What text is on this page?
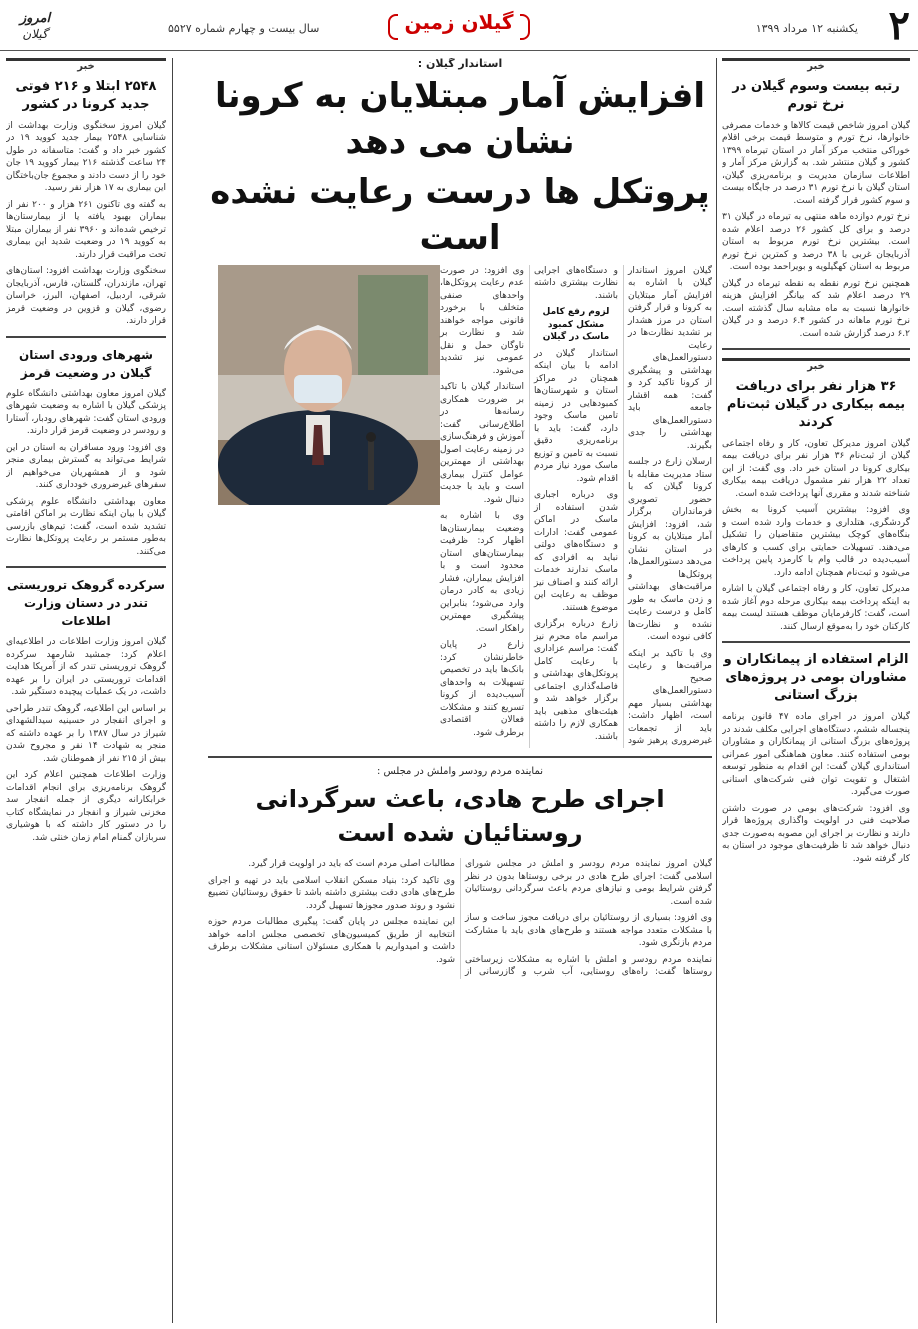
۲
یکشنبه ۱۲ مرداد ۱۳۹۹
گیلان زمین
سال بیست و چهارم شماره ۵۵۲۷
امروز
گیلان
خبر
رتبه بیست وسوم گیلان در نرخ تورم

گیلان امروز شاخص قیمت کالاها و خدمات مصرفی خانوارها، نرخ تورم و متوسط قیمت برخی اقلام خوراکی منتخب مرکز آمار در استان تیرماه ۱۳۹۹ کشور و گیلان منتشر شد. به گزارش مرکز آمار و اطلاعات سازمان مدیریت و برنامه‌ریزی گیلان، استان گیلان با نرخ تورم ۳۱ درصد در جایگاه بیست و سوم کشور قرار گرفته است.

نرخ تورم دوازده ماهه منتهی به تیرماه در گیلان ۳۱ درصد و برای کل کشور ۲۶ درصد اعلام شده است. بیشترین نرخ تورم مربوط به استان آذربایجان غربی با ۳۸ درصد و کمترین نرخ تورم مربوط به استان کهگیلویه و بویراحمد بوده است.

همچنین نرخ تورم نقطه به نقطه تیرماه در گیلان ۲۹ درصد اعلام شد که بیانگر افزایش هزینه خانوارها نسبت به ماه مشابه سال گذشته است. نرخ تورم ماهانه در کشور ۶.۴ درصد و در گیلان ۶.۲ درصد گزارش شده است.

خبر
۳۶ هزار نفر برای دریافت بیمه بیکاری در گیلان ثبت‌نام کردند

گیلان امروز مدیرکل تعاون، کار و رفاه اجتماعی گیلان از ثبت‌نام ۳۶ هزار نفر برای دریافت بیمه بیکاری کرونا در استان خبر داد. وی گفت: از این تعداد ۲۲ هزار نفر مشمول دریافت بیمه بیکاری شناخته شدند و مقرری آنها پرداخت شده است.

وی افزود: بیشترین آسیب کرونا به بخش گردشگری، هتلداری و خدمات وارد شده است و بنگاه‌های کوچک بیشترین متقاضیان را تشکیل می‌دهند. تسهیلات حمایتی برای کسب و کارهای آسیب‌دیده در قالب وام با کارمزد پایین پرداخت می‌شود و ثبت‌نام همچنان ادامه دارد.

مدیرکل تعاون، کار و رفاه اجتماعی گیلان با اشاره به اینکه پرداخت بیمه بیکاری مرحله دوم آغاز شده است، گفت: کارفرمایان موظف هستند لیست بیمه کارکنان خود را به‌موقع ارسال کنند.

الزام استفاده از پیمانکاران و مشاوران بومی در پروژه‌های بزرگ استانی

گیلان امروز در اجرای ماده ۴۷ قانون برنامه پنجساله ششم، دستگاه‌های اجرایی مکلف شدند در پروژه‌های بزرگ استانی از پیمانکاران و مشاوران بومی استفاده کنند. معاون هماهنگی امور عمرانی استانداری گیلان گفت: این اقدام به منظور توسعه اشتغال و تقویت توان فنی شرکت‌های استانی صورت می‌گیرد.

وی افزود: شرکت‌های بومی در صورت داشتن صلاحیت فنی در اولویت واگذاری پروژه‌ها قرار دارند و نظارت بر اجرای این مصوبه به‌صورت جدی دنبال خواهد شد تا ظرفیت‌های موجود در استان به کار گرفته شود.

استاندار گیلان :
افزایش آمار مبتلایان به کرونا نشان می دهد
پروتکل ها درست رعایت نشده است

گیلان امروز استاندار گیلان با اشاره به افزایش آمار مبتلایان به کرونا و قرار گرفتن استان در مرز هشدار بر تشدید نظارت‌ها در رعایت دستورالعمل‌های بهداشتی و پیشگیری از کرونا تاکید کرد و گفت: همه اقشار جامعه باید دستورالعمل‌های بهداشتی را جدی بگیرند.

ارسلان زارع در جلسه ستاد مدیریت مقابله با کرونا گیلان که با حضور تصویری فرمانداران برگزار شد، افزود: افزایش آمار مبتلایان به کرونا در استان نشان می‌دهد دستورالعمل‌ها، پروتکل‌ها و مراقبت‌های بهداشتی و زدن ماسک به طور کامل و درست رعایت نشده و نظارت‌ها کافی نبوده است.

وی با تاکید بر اینکه مراقبت‌ها و رعایت صحیح دستورالعمل‌های بهداشتی بسیار مهم است، اظهار داشت: باید از تجمعات غیرضروری پرهیز شود و دستگاه‌های اجرایی نظارت بیشتری داشته باشند.

لزوم رفع کامل مشکل کمبود ماسک در گیلان

استاندار گیلان در ادامه با بیان اینکه همچنان در مراکز استان و شهرستان‌ها کمبودهایی در زمینه تامین ماسک وجود دارد، گفت: باید با برنامه‌ریزی دقیق نسبت به تامین و توزیع ماسک مورد نیاز مردم اقدام شود.

وی درباره اجباری شدن استفاده از ماسک در اماکن عمومی گفت: ادارات و دستگاه‌های دولتی نباید به افرادی که ماسک ندارند خدمات ارائه کنند و اصناف نیز موظف به رعایت این موضوع هستند.

زارع درباره برگزاری مراسم ماه محرم نیز گفت: مراسم عزاداری با رعایت کامل پروتکل‌های بهداشتی و فاصله‌گذاری اجتماعی برگزار خواهد شد و هیئت‌های مذهبی باید همکاری لازم را داشته باشند.

وی افزود: در صورت عدم رعایت پروتکل‌ها، واحدهای صنفی متخلف با برخورد قانونی مواجه خواهند شد و نظارت بر ناوگان حمل و نقل عمومی نیز تشدید می‌شود.

استاندار گیلان با تاکید بر ضرورت همکاری رسانه‌ها در اطلاع‌رسانی گفت: آموزش و فرهنگ‌سازی در زمینه رعایت اصول بهداشتی از مهمترین عوامل کنترل بیماری است و باید با جدیت دنبال شود.

وی با اشاره به وضعیت بیمارستان‌ها اظهار کرد: ظرفیت بیمارستان‌های استان محدود است و با افزایش بیماران، فشار زیادی به کادر درمان وارد می‌شود؛ بنابراین پیشگیری مهمترین راهکار است.

زارع در پایان خاطرنشان کرد: بانک‌ها باید در تخصیص تسهیلات به واحدهای آسیب‌دیده از کرونا تسریع کنند و مشکلات فعالان اقتصادی برطرف شود.

نماینده مردم رودسر واملش در مجلس :
اجرای طرح هادی، باعث سرگردانی روستائیان شده است

گیلان امروز نماینده مردم رودسر و املش در مجلس شورای اسلامی گفت: اجرای طرح هادی در برخی روستاها بدون در نظر گرفتن شرایط بومی و نیازهای مردم باعث سرگردانی روستائیان شده است.

وی افزود: بسیاری از روستائیان برای دریافت مجوز ساخت و ساز با مشکلات متعدد مواجه هستند و طرح‌های هادی باید با مشارکت مردم بازنگری شود.

نماینده مردم رودسر و املش با اشاره به مشکلات زیرساختی روستاها گفت: راه‌های روستایی، آب شرب و گازرسانی از مطالبات اصلی مردم است که باید در اولویت قرار گیرد.

وی تاکید کرد: بنیاد مسکن انقلاب اسلامی باید در تهیه و اجرای طرح‌های هادی دقت بیشتری داشته باشد تا حقوق روستائیان تضییع نشود و روند صدور مجوزها تسهیل گردد.

این نماینده مجلس در پایان گفت: پیگیری مطالبات مردم حوزه انتخابیه از طریق کمیسیون‌های تخصصی مجلس ادامه خواهد داشت و امیدواریم با همکاری مسئولان استانی مشکلات برطرف شود.

خبر
۲۵۴۸ ابتلا و ۲۱۶ فوتی جدید کرونا در کشور

گیلان امروز سخنگوی وزارت بهداشت از شناسایی ۲۵۴۸ بیمار جدید کووید ۱۹ در کشور خبر داد و گفت: متاسفانه در طول ۲۴ ساعت گذشته ۲۱۶ بیمار کووید ۱۹ جان خود را از دست دادند و مجموع جان‌باختگان این بیماری به ۱۷ هزار نفر رسید.

به گفته وی تاکنون ۲۶۱ هزار و ۲۰۰ نفر از بیماران بهبود یافته یا از بیمارستان‌ها ترخیص شده‌اند و ۳۹۶۰ نفر از بیماران مبتلا به کووید ۱۹ در وضعیت شدید این بیماری تحت مراقبت قرار دارند.

سخنگوی وزارت بهداشت افزود: استان‌های تهران، مازندران، گلستان، فارس، آذربایجان شرقی، اردبیل، اصفهان، البرز، خراسان رضوی، گیلان و قزوین در وضعیت قرمز قرار دارند.

شهرهای ورودی استان گیلان در وضعیت قرمز

گیلان امروز معاون بهداشتی دانشگاه علوم پزشکی گیلان با اشاره به وضعیت شهرهای ورودی استان گفت: شهرهای رودبار، آستارا و رودسر در وضعیت قرمز قرار دارند.

وی افزود: ورود مسافران به استان در این شرایط می‌تواند به گسترش بیماری منجر شود و از همشهریان می‌خواهیم از سفرهای غیرضروری خودداری کنند.

معاون بهداشتی دانشگاه علوم پزشکی گیلان با بیان اینکه نظارت بر اماکن اقامتی تشدید شده است، گفت: تیم‌های بازرسی به‌طور مستمر بر رعایت پروتکل‌ها نظارت می‌کنند.

سرکرده گروهک تروریستی تندر در دستان وزارت اطلاعات

گیلان امروز وزارت اطلاعات در اطلاعیه‌ای اعلام کرد: جمشید شارمهد سرکرده گروهک تروریستی تندر که از آمریکا هدایت اقدامات تروریستی در ایران را بر عهده داشت، در یک عملیات پیچیده دستگیر شد.

بر اساس این اطلاعیه، گروهک تندر طراحی و اجرای انفجار در حسینیه سیدالشهدای شیراز در سال ۱۳۸۷ را بر عهده داشته که منجر به شهادت ۱۴ نفر و مجروح شدن بیش از ۲۱۵ نفر از هموطنان شد.

وزارت اطلاعات همچنین اعلام کرد این گروهک برنامه‌ریزی برای انجام اقدامات خرابکارانه دیگری از جمله انفجار سد مخزنی شیراز و انفجار در نمایشگاه کتاب را در دستور کار داشته که با هوشیاری سربازان گمنام امام زمان خنثی شد.
